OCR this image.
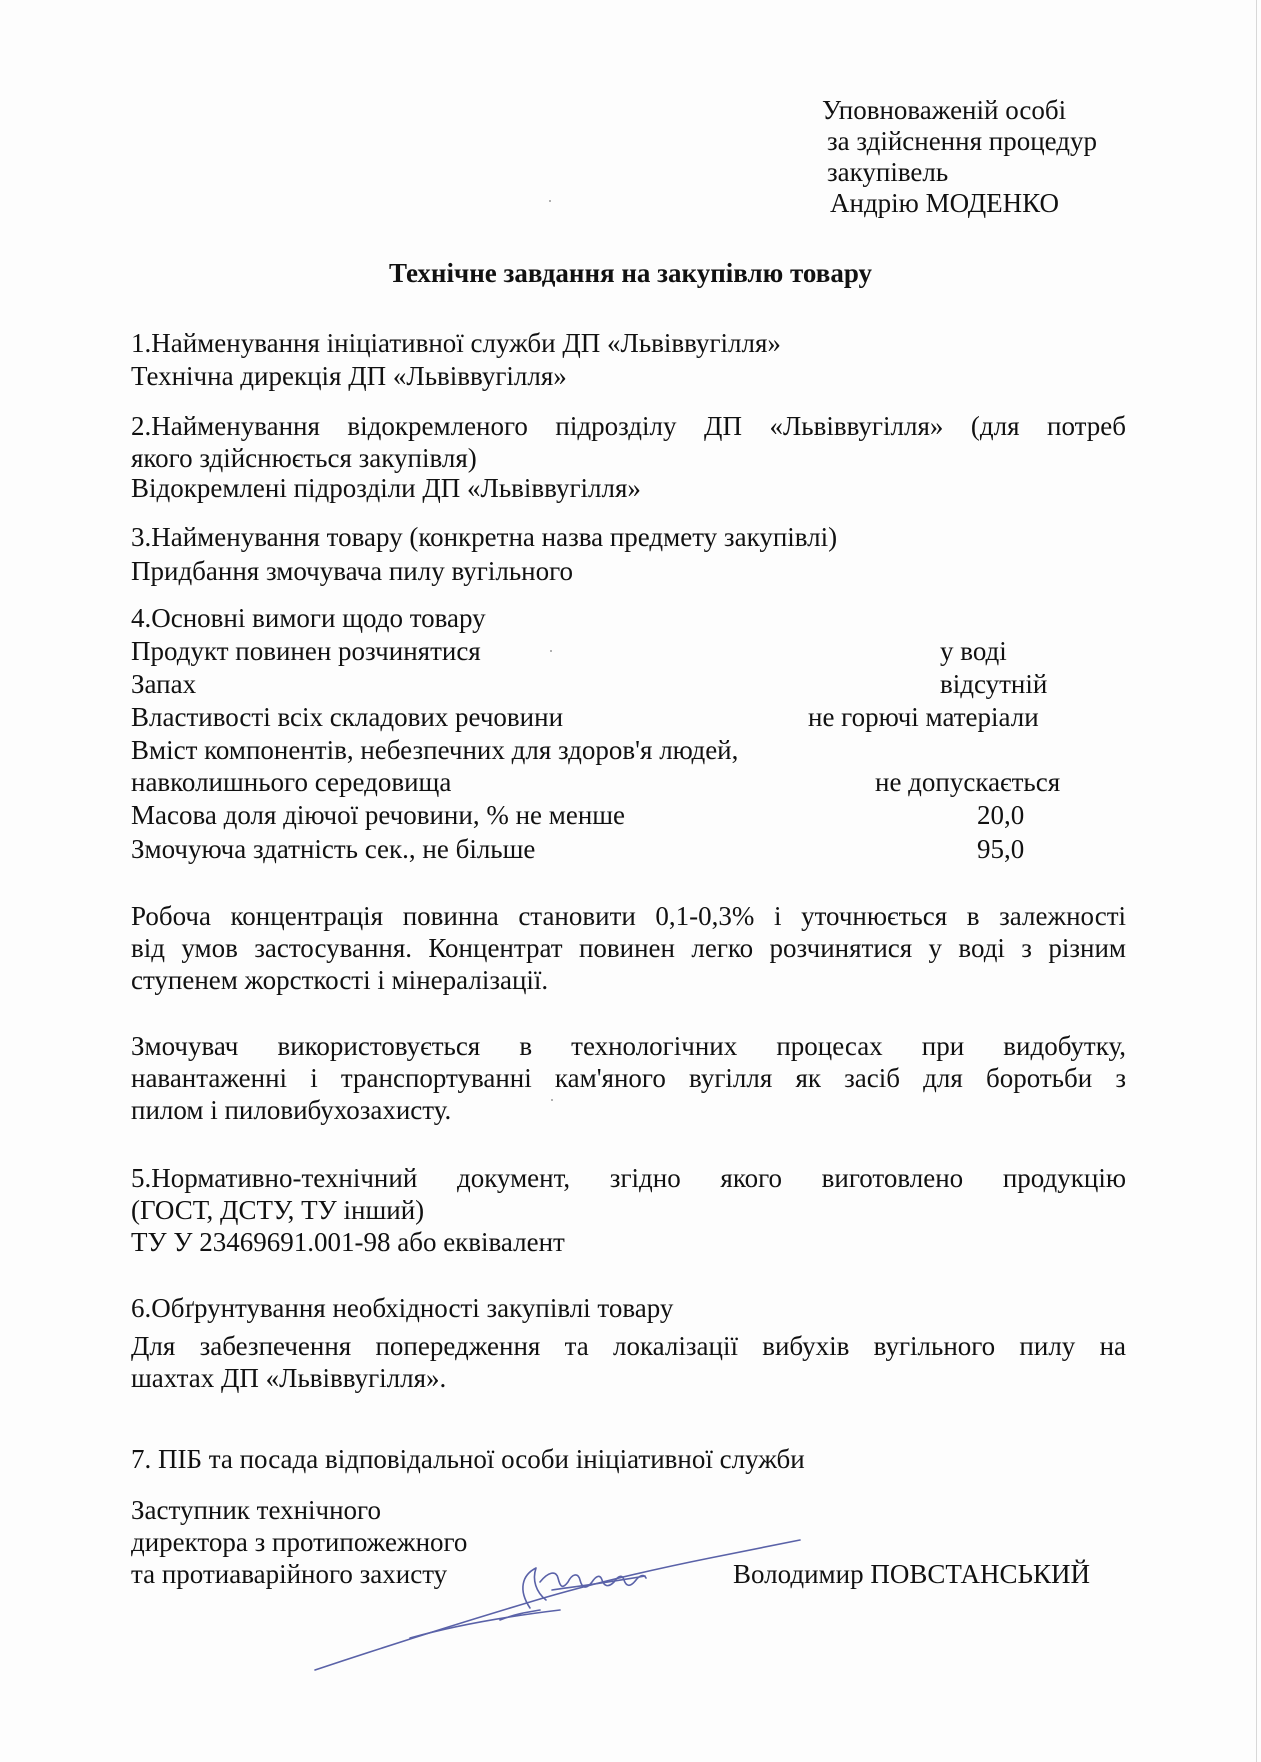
Уповноваженій особі
за здійснення процедур
закупівель
Андрію МОДЕНКО
Технічне завдання на закупівлю товару
1.Найменування ініціативної служби ДП «Львіввугілля»
Технічна дирекція ДП «Львіввугілля»
2.Найменування відокремленого підрозділу ДП «Львіввугілля» (для потреб
якого здійснюється закупівля)
Відокремлені підрозділи ДП «Львіввугілля»
3.Найменування товару (конкретна назва предмету закупівлі)
Придбання змочувача пилу вугільного
4.Основні вимоги щодо товару
Продукт повинен розчинятися	у воді
Запах	відсутній
Властивості всіх складових речовини	не горючі матеріали
Вміст компонентів, небезпечних для здоров'я людей,
навколишнього середовища	не допускається
Масова доля діючої речовини, % не менше	20,0
Змочуюча здатність сек., не більше	95,0
Робоча концентрація повинна становити 0,1-0,3% і уточнюється в залежності
від умов застосування. Концентрат повинен легко розчинятися у воді з різним
ступенем жорсткості і мінералізації.
Змочувач використовується в технологічних процесах при видобутку,
навантаженні і транспортуванні кам'яного вугілля як засіб для боротьби з
пилом і пиловибухозахисту.
5.Нормативно-технічний документ, згідно якого виготовлено продукцію
(ГОСТ, ДСТУ, ТУ інший)
ТУ У 23469691.001-98 або еквівалент
6.Обґрунтування необхідності закупівлі товару
Для забезпечення попередження та локалізації вибухів вугільного пилу на
шахтах ДП «Львіввугілля».
7. ПІБ та посада відповідальної особи ініціативної служби
Заступник технічного
директора з протипожежного
та протиаварійного захисту	Володимир ПОВСТАНСЬКИЙ
